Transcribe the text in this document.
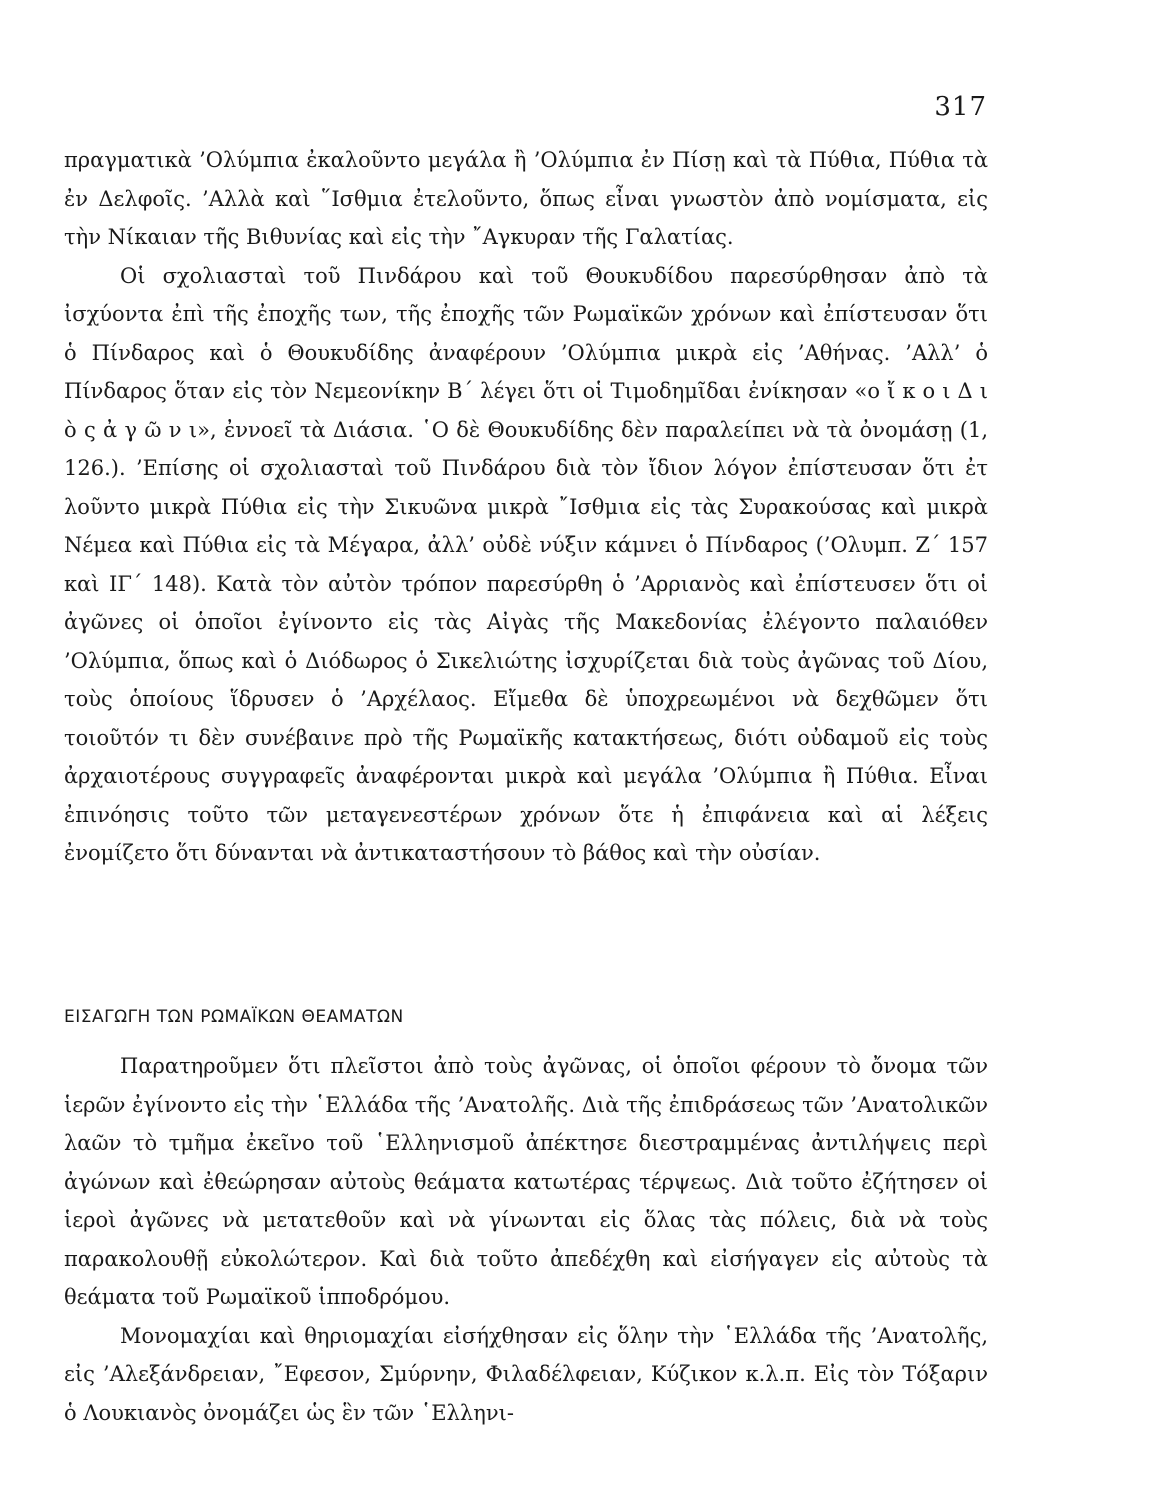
317

πραγματικὰ ’Ολύμπια ἐκαλοῦντο μεγάλα ἢ ’Ολύμπια ἐν Πίσῃ καὶ τὰ Πύθια, Πύθια τὰ ἐν Δελφοῖς. ’Αλλὰ καὶ ῞Ισθμια ἐτελοῦντο, ὅπως εἶναι γνωστὸν ἀπὸ νομίσματα, εἰς τὴν Νίκαιαν τῆς Βιθυνίας καὶ εἰς τὴν ῎Αγκυραν τῆς Γαλατίας.

Οἱ σχολιασταὶ τοῦ Πινδάρου καὶ τοῦ Θουκυδίδου παρεσύρθησαν ἀπὸ τὰ ἰσχύοντα ἐπὶ τῆς ἐποχῆς των, τῆς ἐποχῆς τῶν Ρωμαϊκῶν χρόνων καὶ ἐπίστευσαν ὅτι ὁ Πίνδαρος καὶ ὁ Θουκυδίδης ἀναφέρουν ’Ολύμπια μικρὰ εἰς ’Αθήνας. ’Αλλ’ ὁ Πίνδαρος ὅταν εἰς τὸν Νεμεονίκην Β΄ λέγει ὅτι οἱ Τιμοδημῖδαι ἐνίκησαν «ο ἴ κ ο ι Δ ι ὸ ς ἀ γ ῶ ν ι», ἐννοεῖ τὰ Διάσια. ῾Ο δὲ Θουκυδίδης δὲν παραλείπει νὰ τὰ ὀνομάσῃ (1, 126.). ’Επίσης οἱ σχολιασταὶ τοῦ Πινδάρου διὰ τὸν ἴδιον λόγον ἐπίστευσαν ὅτι ἐτ λοῦντο μικρὰ Πύθια εἰς τὴν Σικυῶνα μικρὰ ῎Ισθμια εἰς τὰς Συρακούσας καὶ μικρὰ Νέμεα καὶ Πύθια εἰς τὰ Μέγαρα, ἀλλ’ οὐδὲ νύξιν κάμνει ὁ Πίνδαρος (’Ολυμπ. Ζ΄ 157 καὶ ΙΓ΄ 148). Κατὰ τὸν αὐτὸν τρόπον παρεσύρθη ὁ ’Αρριανὸς καὶ ἐπίστευσεν ὅτι οἱ ἀγῶνες οἱ ὁποῖοι ἐγίνοντο εἰς τὰς Αἰγὰς τῆς Μακεδονίας ἐλέγοντο παλαιόθεν ’Ολύμπια, ὅπως καὶ ὁ Διόδωρος ὁ Σικελιώτης ἰσχυρίζεται διὰ τοὺς ἀγῶνας τοῦ Δίου, τοὺς ὁποίους ἵδρυσεν ὁ ’Αρχέλαος. Εἴμεθα δὲ ὑποχρεωμένοι νὰ δεχθῶμεν ὅτι τοιοῦτόν τι δὲν συνέβαινε πρὸ τῆς Ρωμαϊκῆς κατακτήσεως, διότι οὐδαμοῦ εἰς τοὺς ἀρχαιοτέρους συγγραφεῖς ἀναφέρονται μικρὰ καὶ μεγάλα ’Ολύμπια ἢ Πύθια. Εἶναι ἐπινόησις τοῦτο τῶν μεταγενεστέρων χρόνων ὅτε ἡ ἐπιφάνεια καὶ αἱ λέξεις ἐνομίζετο ὅτι δύνανται νὰ ἀντικαταστήσουν τὸ βάθος καὶ τὴν οὐσίαν.

ΕΙΣΑΓΩΓΗ ΤΩΝ ΡΩΜΑΪΚΩΝ ΘΕΑΜΑΤΩΝ

Παρατηροῦμεν ὅτι πλεῖστοι ἀπὸ τοὺς ἀγῶνας, οἱ ὁποῖοι φέρουν τὸ ὄνομα τῶν ἱερῶν ἐγίνοντο εἰς τὴν ῾Ελλάδα τῆς ’Ανατολῆς. Διὰ τῆς ἐπιδράσεως τῶν ’Ανατολικῶν λαῶν τὸ τμῆμα ἐκεῖνο τοῦ ῾Ελληνισμοῦ ἀπέκτησε διεστραμμένας ἀντιλήψεις περὶ ἀγώνων καὶ ἐθεώρησαν αὐτοὺς θεάματα κατωτέρας τέρψεως. Διὰ τοῦτο ἐζήτησεν οἱ ἱεροὶ ἀγῶνες νὰ μετατεθοῦν καὶ νὰ γίνωνται εἰς ὅλας τὰς πόλεις, διὰ νὰ τοὺς παρακολουθῇ εὐκολώτερον. Καὶ διὰ τοῦτο ἀπεδέχθη καὶ εἰσήγαγεν εἰς αὐτοὺς τὰ θεάματα τοῦ Ρωμαϊκοῦ ἱπποδρόμου.

Μονομαχίαι καὶ θηριομαχίαι εἰσήχθησαν εἰς ὅλην τὴν ῾Ελλάδα τῆς ’Ανατολῆς, εἰς ’Αλεξάνδρειαν, ῎Εφεσον, Σμύρνην, Φιλαδέλφειαν, Κύζικον κ.λ.π. Εἰς τὸν Τόξαριν ὁ Λουκιανὸς ὀνομάζει ὡς ἓν τῶν ῾Ελληνι-
